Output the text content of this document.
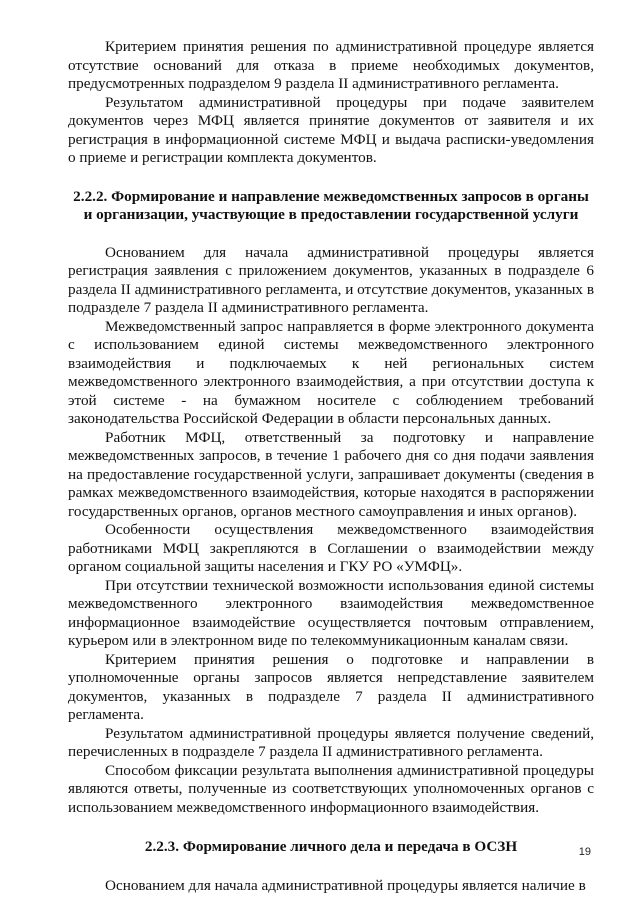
Критерием принятия решения по административной процедуре является отсутствие оснований для отказа в приеме необходимых документов, предусмотренных подразделом 9 раздела II административного регламента.

Результатом административной процедуры при подаче заявителем документов через МФЦ является принятие документов от заявителя и их регистрация в информационной системе МФЦ и выдача расписки-уведомления о приеме и регистрации комплекта документов.

2.2.2. Формирование и направление межведомственных запросов в органы и организации, участвующие в предоставлении государственной услуги

Основанием для начала административной процедуры является регистрация заявления с приложением документов, указанных в подразделе 6 раздела II административного регламента, и отсутствие документов, указанных в подразделе 7 раздела II административного регламента.

Межведомственный запрос направляется в форме электронного документа с использованием единой системы межведомственного электронного взаимодействия и подключаемых к ней региональных систем межведомственного электронного взаимодействия, а при отсутствии доступа к этой системе - на бумажном носителе с соблюдением требований законодательства Российской Федерации в области персональных данных.

Работник МФЦ, ответственный за подготовку и направление межведомственных запросов, в течение 1 рабочего дня со дня подачи заявления на предоставление государственной услуги, запрашивает документы (сведения в рамках межведомственного взаимодействия, которые находятся в распоряжении государственных органов, органов местного самоуправления и иных органов).

Особенности осуществления межведомственного взаимодействия работниками МФЦ закрепляются в Соглашении о взаимодействии между органом социальной защиты населения и ГКУ РО «УМФЦ».

При отсутствии технической возможности использования единой системы межведомственного электронного взаимодействия межведомственное информационное взаимодействие осуществляется почтовым отправлением, курьером или в электронном виде по телекоммуникационным каналам связи.

Критерием принятия решения о подготовке и направлении в уполномоченные органы запросов является непредставление заявителем документов, указанных в подразделе 7 раздела II административного регламента.

Результатом административной процедуры является получение сведений, перечисленных в подразделе 7 раздела II административного регламента.

Способом фиксации результата выполнения административной процедуры являются ответы, полученные из соответствующих уполномоченных органов с использованием межведомственного информационного взаимодействия.

2.2.3. Формирование личного дела и передача в ОСЗН

Основанием для начала административной процедуры является наличие в

19
